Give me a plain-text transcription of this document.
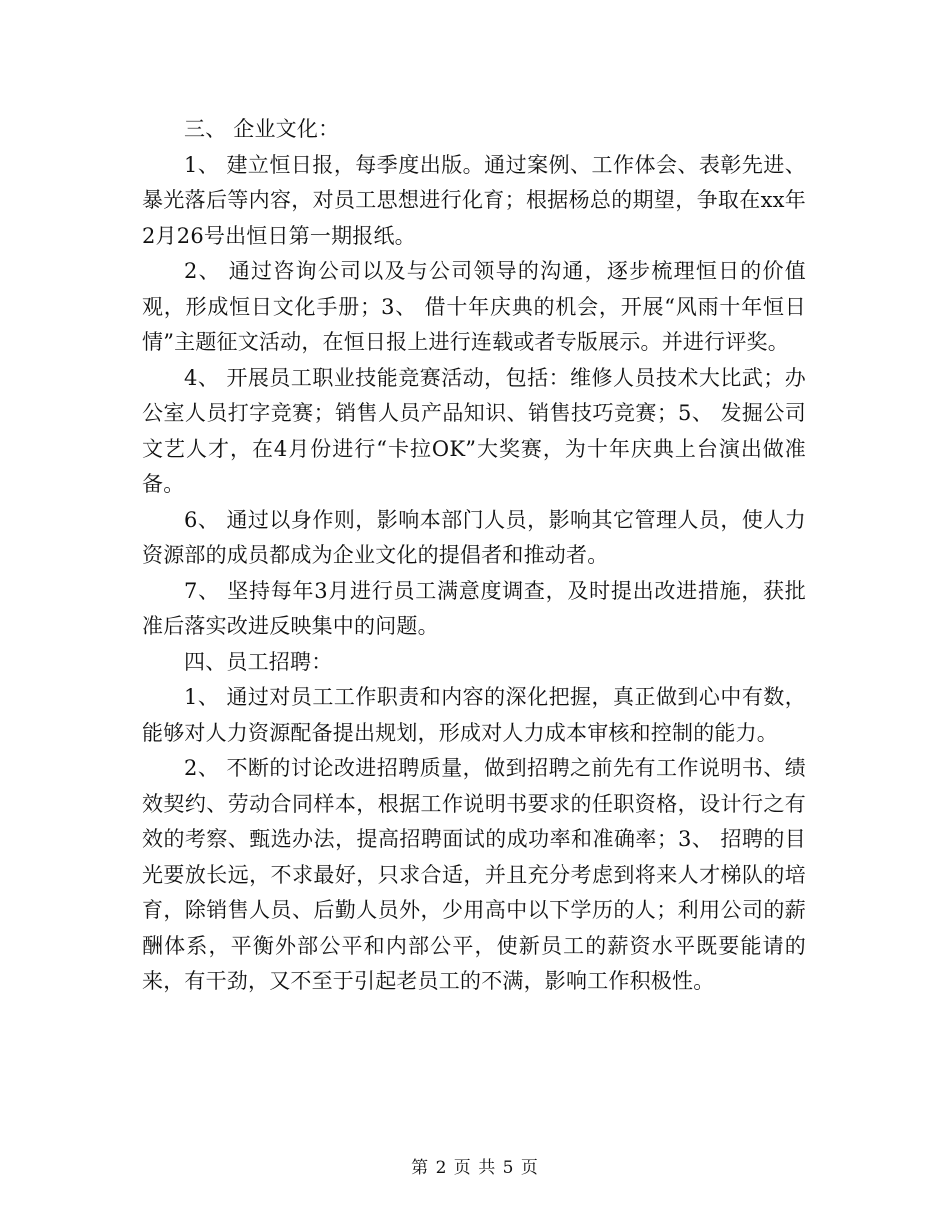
三、 企业文化：

1、 建立恒日报，每季度出版。通过案例、工作体会、表彰先进、暴光落后等内容，对员工思想进行化育；根据杨总的期望，争取在xx年2月26号出恒日第一期报纸。

2、 通过咨询公司以及与公司领导的沟通，逐步梳理恒日的价值观，形成恒日文化手册；3、 借十年庆典的机会，开展“风雨十年恒日情”主题征文活动，在恒日报上进行连载或者专版展示。并进行评奖。

4、 开展员工职业技能竞赛活动，包括：维修人员技术大比武；办公室人员打字竞赛；销售人员产品知识、销售技巧竞赛；5、 发掘公司文艺人才，在4月份进行“卡拉OK”大奖赛，为十年庆典上台演出做准备。

6、 通过以身作则，影响本部门人员，影响其它管理人员，使人力资源部的成员都成为企业文化的提倡者和推动者。

7、 坚持每年3月进行员工满意度调查，及时提出改进措施，获批准后落实改进反映集中的问题。

四、员工招聘：

1、 通过对员工工作职责和内容的深化把握，真正做到心中有数，能够对人力资源配备提出规划，形成对人力成本审核和控制的能力。

2、 不断的讨论改进招聘质量，做到招聘之前先有工作说明书、绩效契约、劳动合同样本，根据工作说明书要求的任职资格，设计行之有效的考察、甄选办法，提高招聘面试的成功率和准确率；3、 招聘的目光要放长远，不求最好，只求合适，并且充分考虑到将来人才梯队的培育，除销售人员、后勤人员外，少用高中以下学历的人；利用公司的薪酬体系，平衡外部公平和内部公平，使新员工的薪资水平既要能请的来，有干劲，又不至于引起老员工的不满，影响工作积极性。

第 2 页 共 5 页
